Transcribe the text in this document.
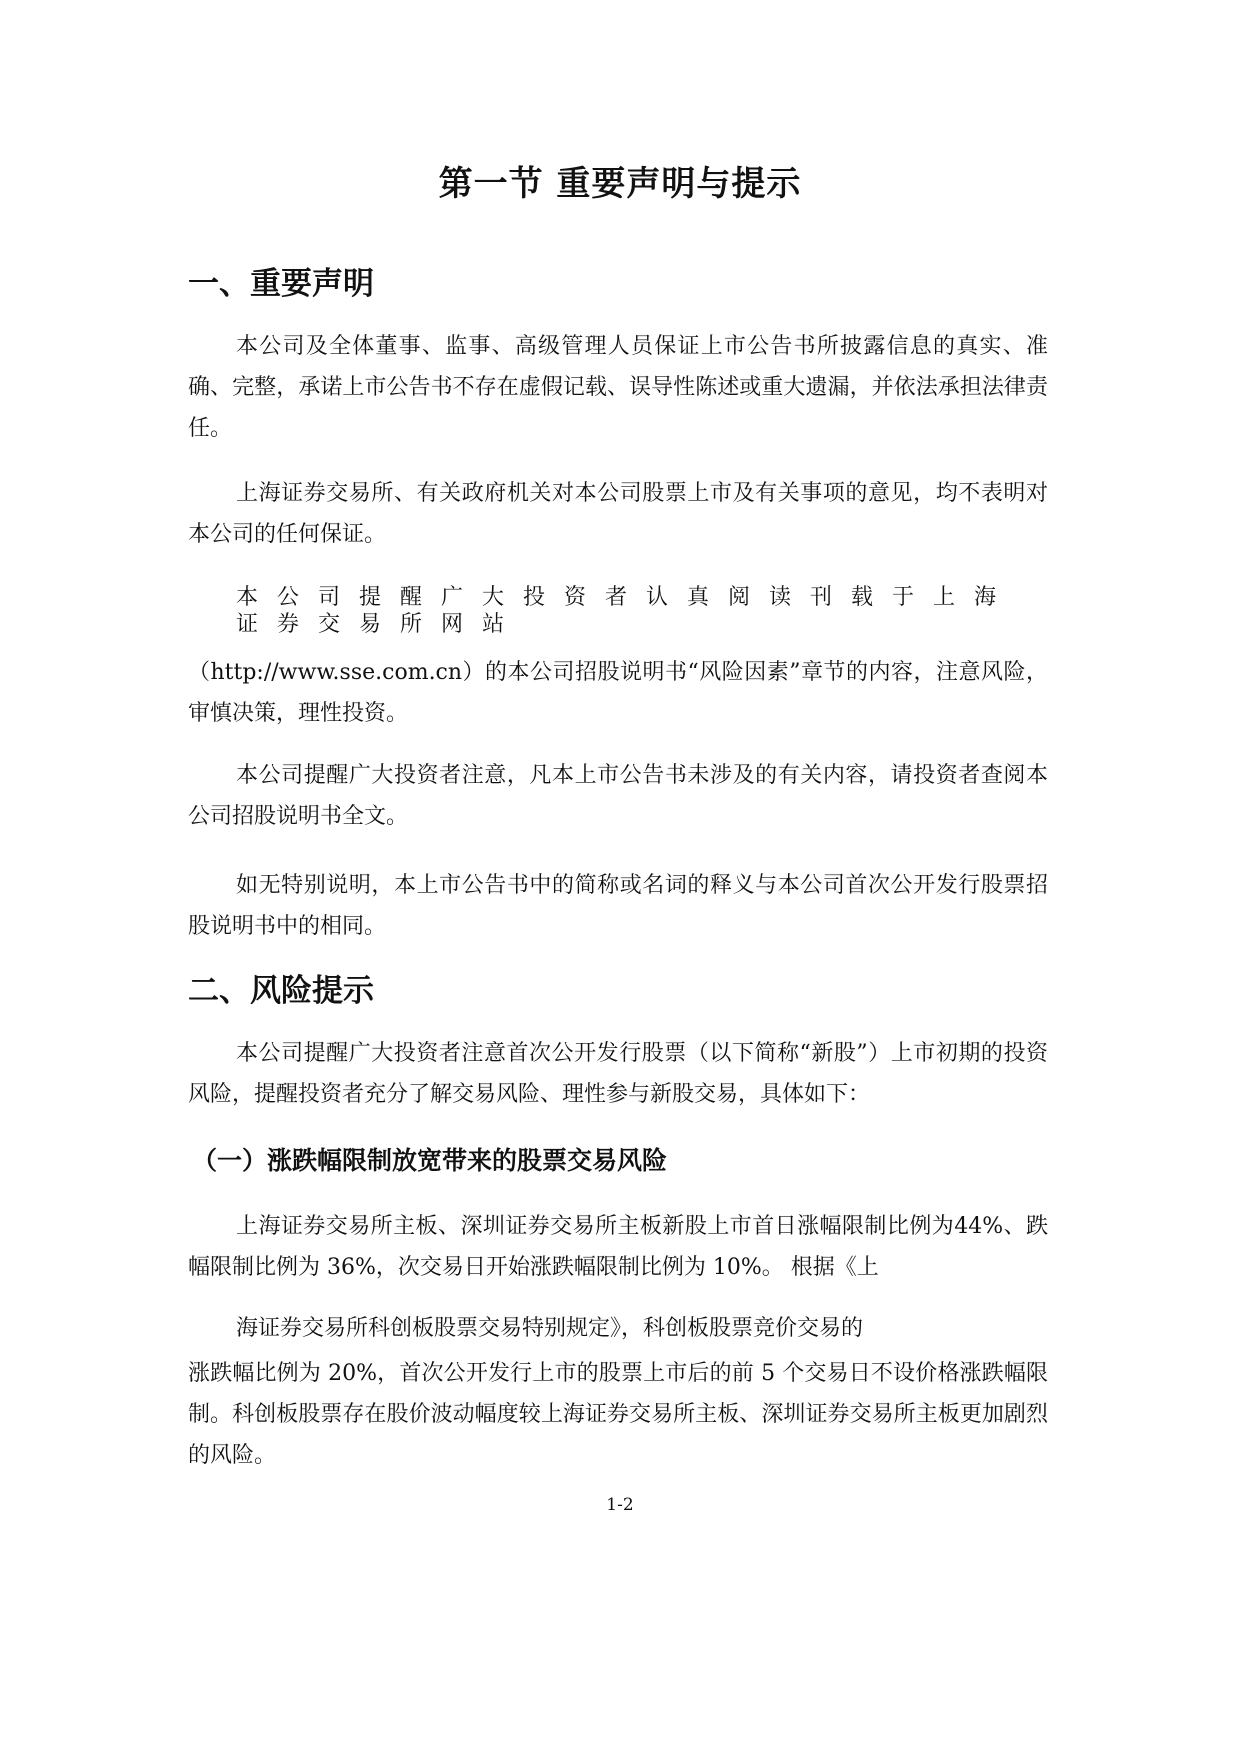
第一节 重要声明与提示
一、重要声明

本公司及全体董事、监事、高级管理人员保证上市公告书所披露信息的真实、准确、完整，承诺上市公告书不存在虚假记载、误导性陈述或重大遗漏，并依法承担法律责任。

上海证券交易所、有关政府机关对本公司股票上市及有关事项的意见，均不表明对本公司的任何保证。

本公司提醒广大投资者认真阅读刊载于上海证券交易所网站

（http://www.sse.com.cn）的本公司招股说明书“风险因素”章节的内容，注意风险，审慎决策，理性投资。

本公司提醒广大投资者注意，凡本上市公告书未涉及的有关内容，请投资者查阅本公司招股说明书全文。

如无特别说明，本上市公告书中的简称或名词的释义与本公司首次公开发行股票招股说明书中的相同。

二、风险提示

本公司提醒广大投资者注意首次公开发行股票（以下简称“新股”）上市初期的投资风险，提醒投资者充分了解交易风险、理性参与新股交易，具体如下：

（一）涨跌幅限制放宽带来的股票交易风险

上海证券交易所主板、深圳证券交易所主板新股上市首日涨幅限制比例为44%、跌幅限制比例为 36%，次交易日开始涨跌幅限制比例为 10%。 根据《上

海证券交易所科创板股票交易特别规定》，科创板股票竞价交易的

涨跌幅比例为 20%，首次公开发行上市的股票上市后的前 5 个交易日不设价格涨跌幅限制。科创板股票存在股价波动幅度较上海证券交易所主板、深圳证券交易所主板更加剧烈的风险。

1-2
